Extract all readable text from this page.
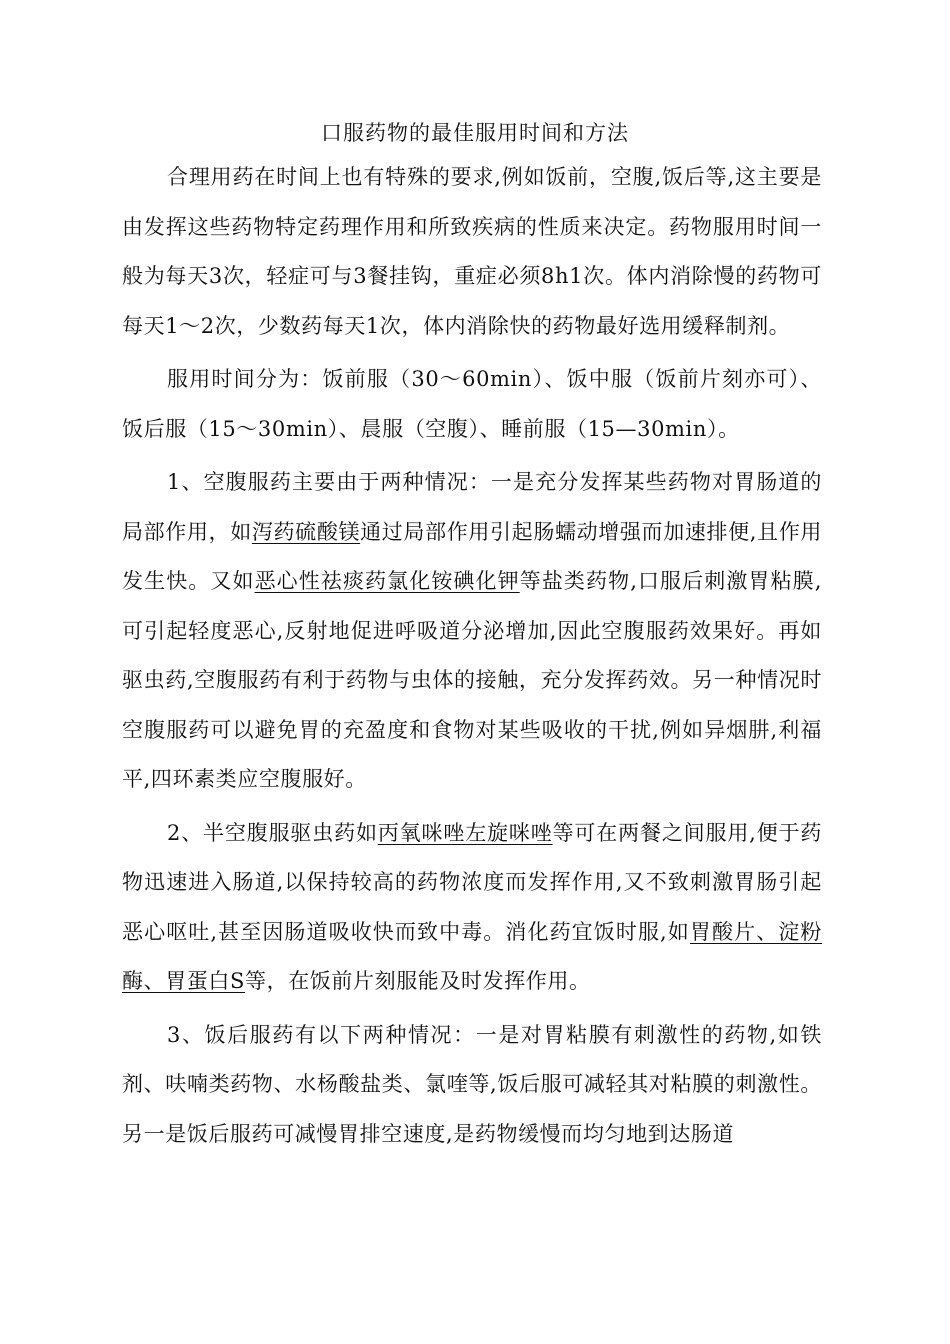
口服药物的最佳服用时间和方法

合理用药在时间上也有特殊的要求,例如饭前，空腹,饭后等,这主要是由发挥这些药物特定药理作用和所致疾病的性质来决定。药物服用时间一般为每天3次，轻症可与3餐挂钩，重症必须8h1次。体内消除慢的药物可每天1～2次，少数药每天1次，体内消除快的药物最好选用缓释制剂。

服用时间分为：饭前服（30～60min）、饭中服（饭前片刻亦可）、饭后服（15～30min）、晨服（空腹）、睡前服（15—30min）。

1、空腹服药主要由于两种情况：一是充分发挥某些药物对胃肠道的局部作用，如泻药硫酸镁通过局部作用引起肠蠕动增强而加速排便,且作用发生快。又如恶心性祛痰药氯化铵碘化钾等盐类药物,口服后刺激胃粘膜,可引起轻度恶心,反射地促进呼吸道分泌增加,因此空腹服药效果好。再如驱虫药,空腹服药有利于药物与虫体的接触，充分发挥药效。另一种情况时空腹服药可以避免胃的充盈度和食物对某些吸收的干扰,例如异烟肼,利福平,四环素类应空腹服好。

2、半空腹服驱虫药如丙氧咪唑左旋咪唑等可在两餐之间服用,便于药物迅速进入肠道,以保持较高的药物浓度而发挥作用,又不致刺激胃肠引起恶心呕吐,甚至因肠道吸收快而致中毒。消化药宜饭时服,如胃酸片、淀粉酶、胃蛋白S等，在饭前片刻服能及时发挥作用。

3、饭后服药有以下两种情况：一是对胃粘膜有刺激性的药物,如铁剂、呋喃类药物、水杨酸盐类、氯喹等,饭后服可减轻其对粘膜的刺激性。另一是饭后服药可减慢胃排空速度,是药物缓慢而均匀地到达肠道
